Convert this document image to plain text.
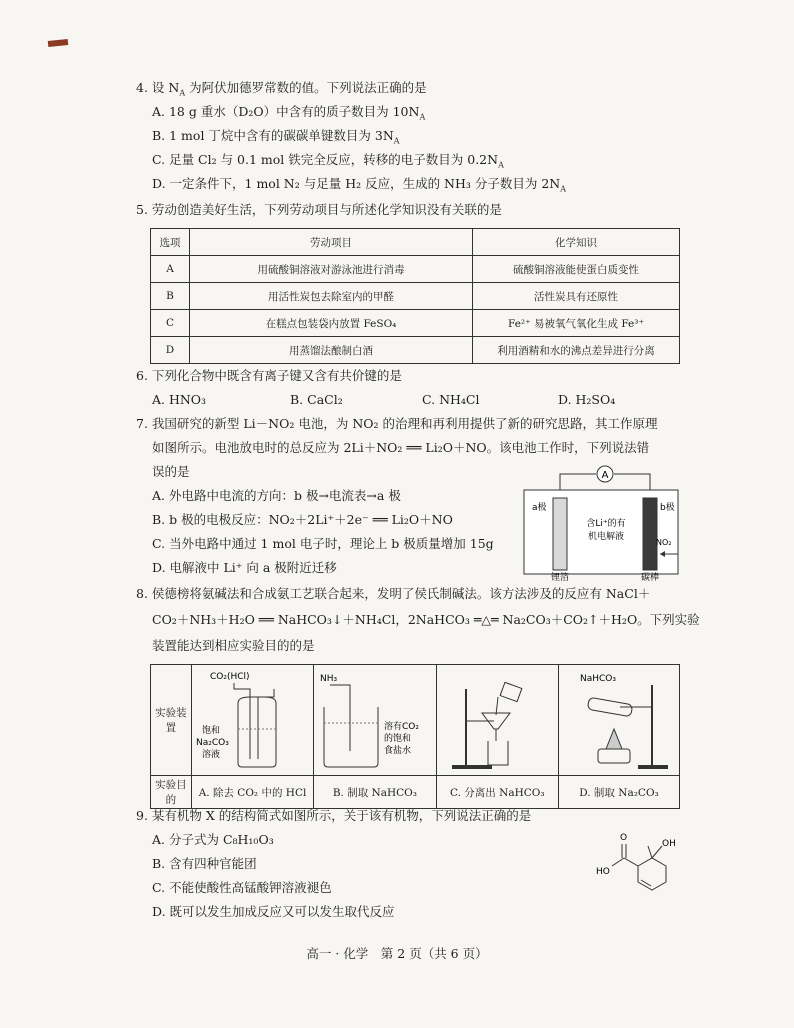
4. 设 $N_A$ 为阿伏加德罗常数的值。下列说法正确的是
A. 18 g 重水（D₂O）中含有的质子数目为 $10N_A$
B. 1 mol 丁烷中含有的碳碳单键数目为 $3N_A$
C. 足量 Cl₂ 与 0.1 mol 铁完全反应，转移的电子数目为 $0.2N_A$
D. 一定条件下，1 mol N₂ 与足量 H₂ 反应，生成的 NH₃ 分子数目为 $2N_A$
5. 劳动创造美好生活，下列劳动项目与所述化学知识没有关联的是
选项	劳动项目	化学知识
A	用硫酸铜溶液对游泳池进行消毒	硫酸铜溶液能使蛋白质变性
B	用活性炭包去除室内的甲醛	活性炭具有还原性
C	在糕点包装袋内放置 FeSO₄	Fe²⁺ 易被氧气氧化生成 Fe³⁺
D	用蒸馏法酿制白酒	利用酒精和水的沸点差异进行分离
6. 下列化合物中既含有离子键又含有共价键的是
A. HNO₃	B. CaCl₂	C. NH₄Cl	D. H₂SO₄
7. 我国研究的新型 Li－NO₂ 电池，为 NO₂ 的治理和再利用提供了新的研究思路，其工作原理
如图所示。电池放电时的总反应为 2Li＋NO₂ ══ Li₂O＋NO。该电池工作时，下列说法错
误的是
A. 外电路中电流的方向：b 极→电流表→a 极
B. b 极的电极反应：NO₂＋2Li⁺＋2e⁻ ══ Li₂O＋NO
C. 当外电路中通过 1 mol 电子时，理论上 b 极质量增加 15g
D. 电解液中 Li⁺ 向 a 极附近迁移
A
a极	b极
含Li⁺的有
机电解液
NO₂
锂箔	碳棒
8. 侯德榜将氨碱法和合成氨工艺联合起来，发明了侯氏制碱法。该方法涉及的反应有 NaCl＋
CO₂＋NH₃＋H₂O ══ NaHCO₃↓＋NH₄Cl，2NaHCO₃ ═△═ Na₂CO₃＋CO₂↑＋H₂O。下列实验
装置能达到相应实验目的的是
实验装置	CO₂(HCl)
饱和
Na₂CO₃
溶液	NH₃
溶有CO₂
的饱和
食盐水		NaHCO₃

实验目的	A. 除去 CO₂ 中的 HCl	B. 制取 NaHCO₃	C. 分离出 NaHCO₃	D. 制取 Na₂CO₃
9. 某有机物 X 的结构简式如图所示，关于该有机物，下列说法正确的是
A. 分子式为 C₈H₁₀O₃
B. 含有四种官能团
C. 不能使酸性高锰酸钾溶液褪色
D. 既可以发生加成反应又可以发生取代反应
O
HO
OH
高一 · 化学　第 2 页（共 6 页）
